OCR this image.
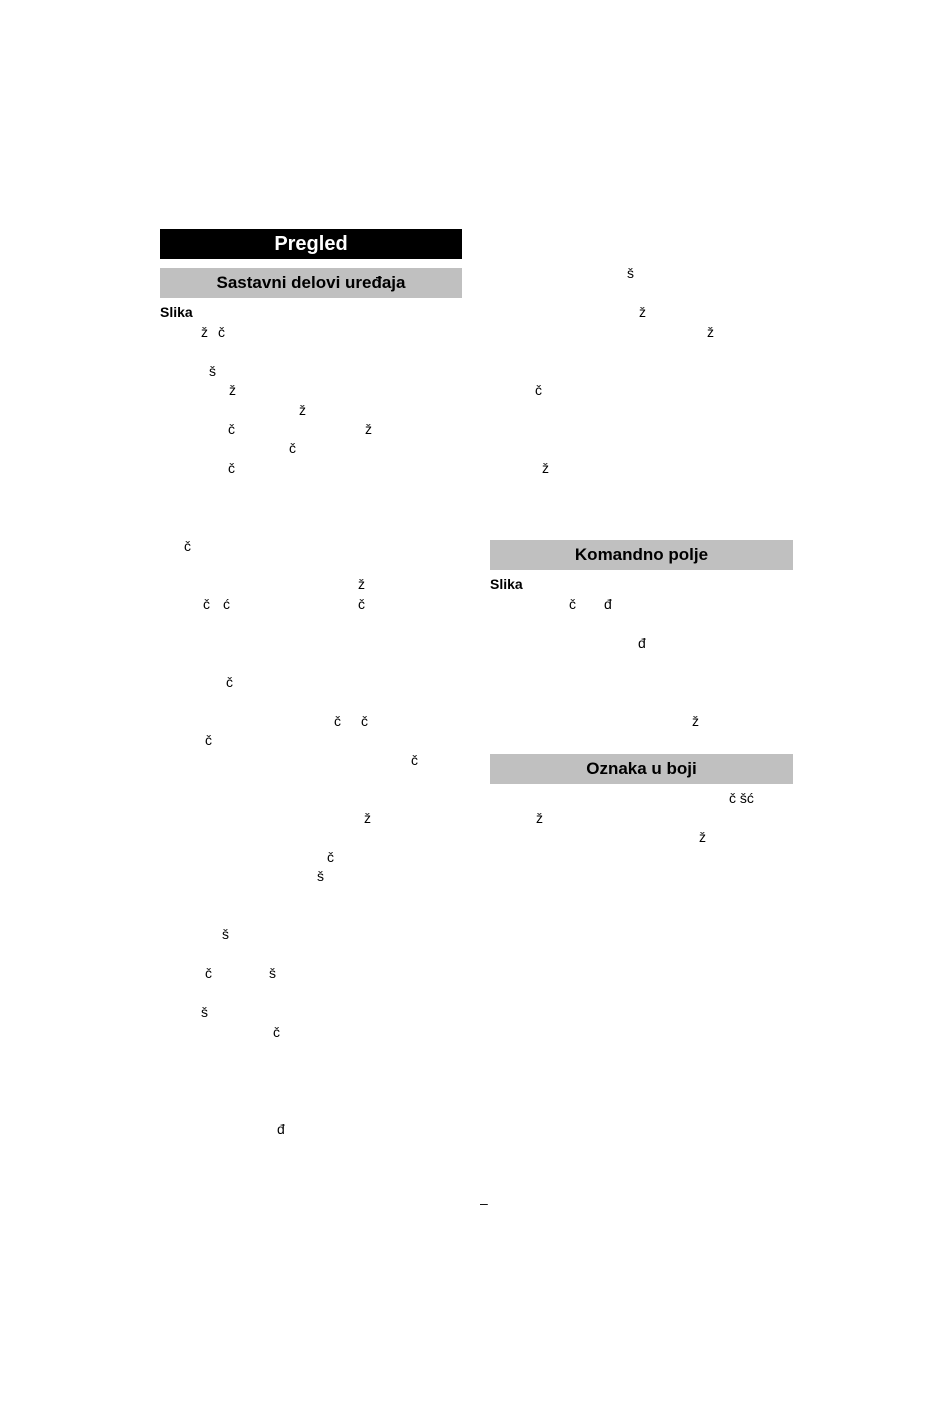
Pregled
Sastavni delovi uređaja
Slika
ž č
š
ž
ž
č	ž
č
č
č
ž
č ć	č
č
č č
č
č
ž
č
š
š
č	š
š
č
đ
š
ž
ž
č
ž
Komandno polje
Slika
č đ
đ
ž
Oznaka u boji
č šć
ž
ž
–
